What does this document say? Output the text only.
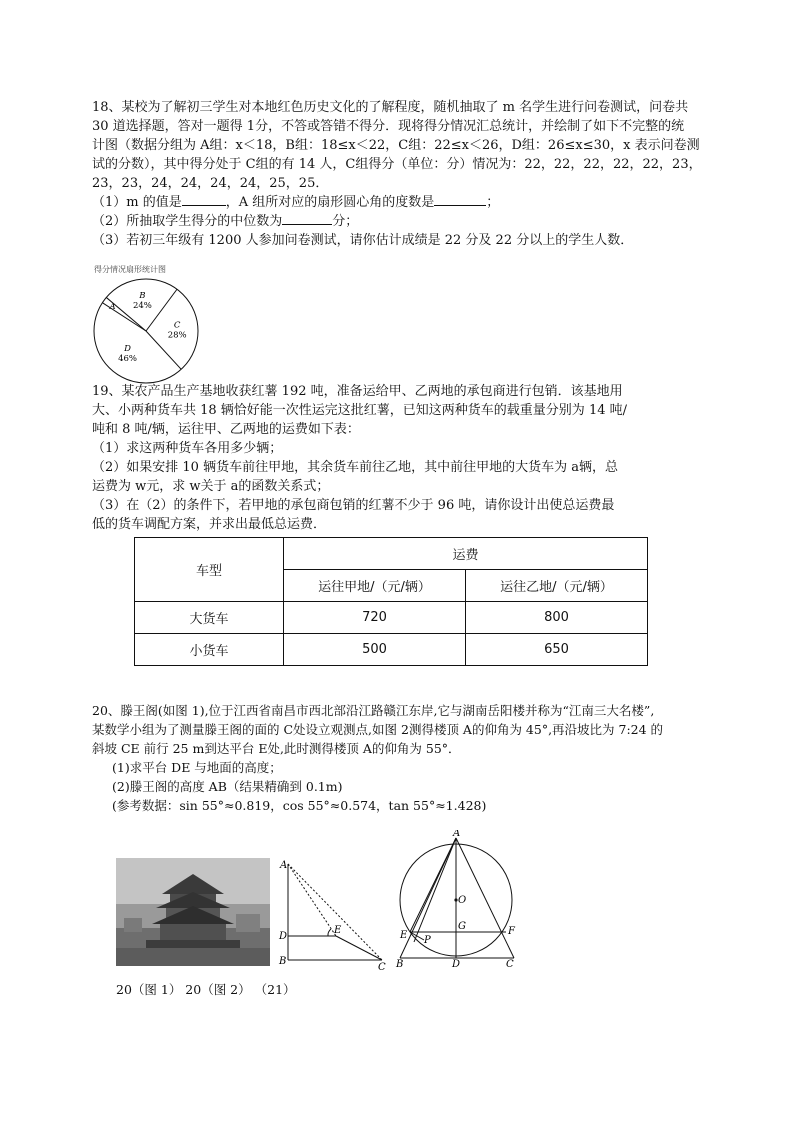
18、某校为了解初三学生对本地红色历史文化的了解程度，随机抽取了 m 名学生进行问卷测试，问卷共
30 道选择题，答对一题得 1分，不答或答错不得分．现将得分情况汇总统计，并绘制了如下不完整的统
计图（数据分组为 A组：x＜18，B组：18≤x＜22，C组：22≤x＜26，D组：26≤x≤30，x 表示问卷测
试的分数），其中得分处于 C组的有 14 人，C组得分（单位：分）情况为：22，22，22，22，22，23，
23，23，24，24，24，24，25，25．
（1）m 的值是	，A 组所对应的扇形圆心角的度数是	；
（2）所抽取学生得分的中位数为	分；
（3）若初三年级有 1200 人参加问卷测试，请你估计成绩是 22 分及 22 分以上的学生人数．
得分情况扇形统计图
A
B
24%
C
28%
D
46%
19、某农产品生产基地收获红薯 192 吨，准备运给甲、乙两地的承包商进行包销．该基地用
大、小两种货车共 18 辆恰好能一次性运完这批红薯，已知这两种货车的载重量分别为 14 吨/
吨和 8 吨/辆，运往甲、乙两地的运费如下表：
（1）求这两种货车各用多少辆；
（2）如果安排 10 辆货车前往甲地，其余货车前往乙地，其中前往甲地的大货车为 a辆，总
运费为 w元，求 w关于 a的函数关系式；
（3）在（2）的条件下，若甲地的承包商包销的红薯不少于 96 吨，请你设计出使总运费最
低的货车调配方案，并求出最低总运费．
车型	运费	
	运往甲地/（元/辆）	运往乙地/（元/辆）
大货车	720	800
小货车	500	650
20、滕王阁(如图 1),位于江西省南昌市西北部沿江路赣江东岸,它与湖南岳阳楼并称为“江南三大名楼”,
某数学小组为了测量滕王阁的面的 C处设立观测点,如图 2测得楼顶 A的仰角为 45°,再沿坡比为 7:24 的
斜坡 CE 前行 25 m到达平台 E处,此时测得楼顶 A的仰角为 55°．
(1)求平台 DE 与地面的高度；
(2)滕王阁的高度 AB（结果精确到 0.1m)
(参考数据：sin 55°≈0.819，cos 55°≈0.574，tan 55°≈1.428)
A
D
B
E
C
A
O
G
E	F
P
B	D	C
20（图 1） 20（图 2） （21）
